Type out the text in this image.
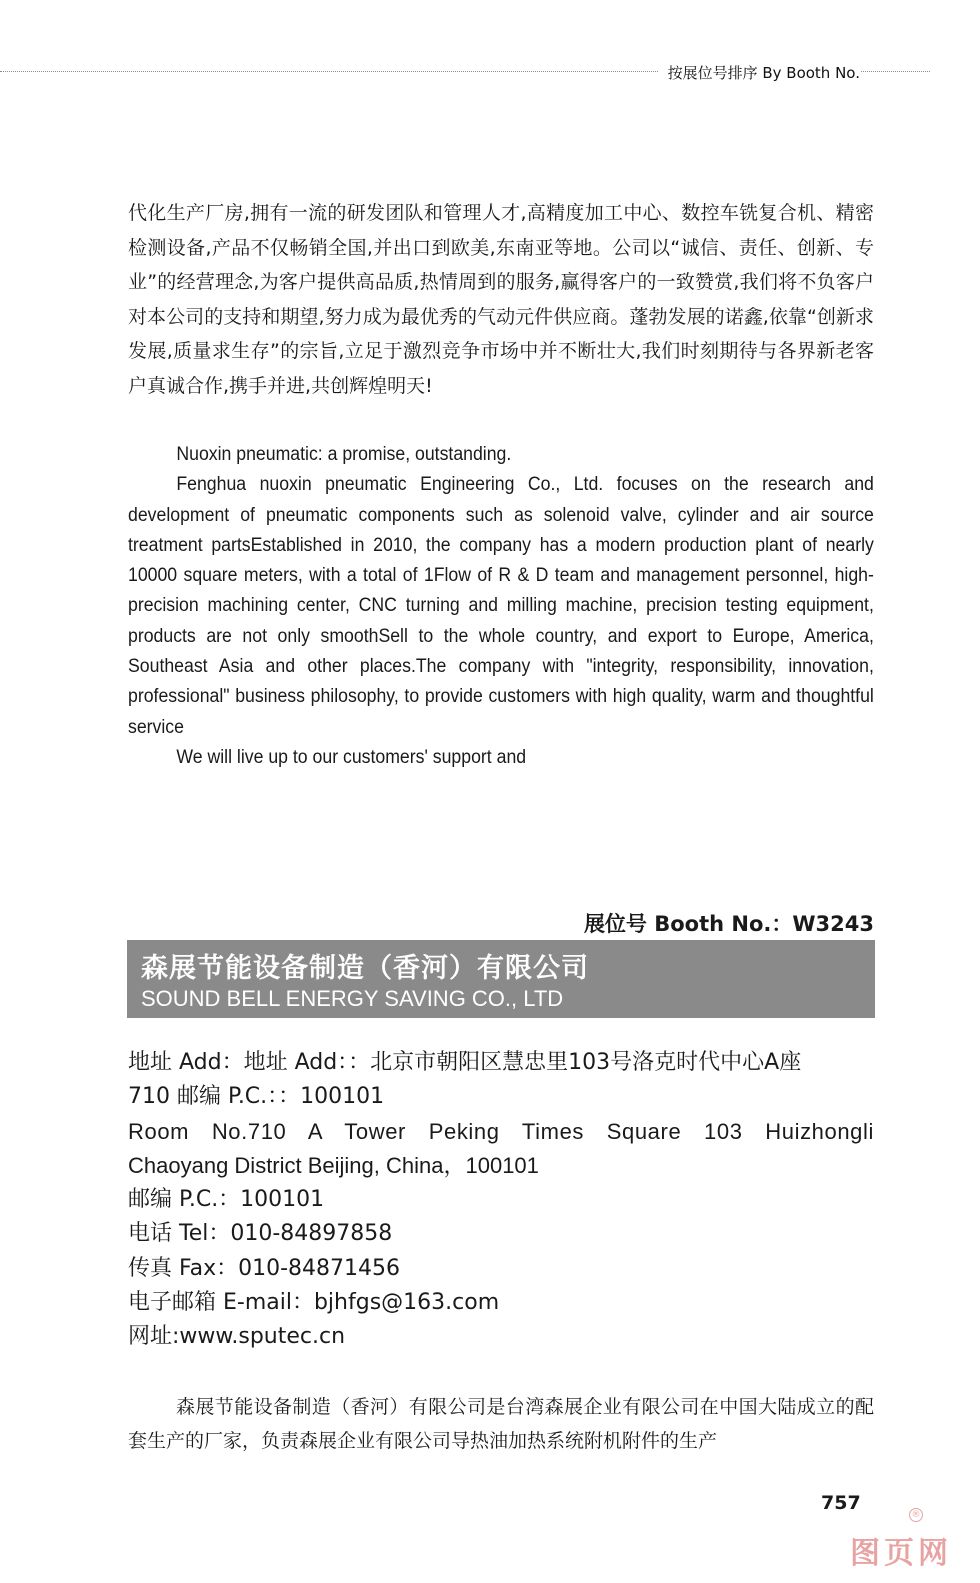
按展位号排序 By Booth No.

代化生产厂房,拥有一流的研发团队和管理人才,高精度加工中心、数控车铣复合机、精密检测设备,产品不仅畅销全国,并出口到欧美,东南亚等地。公司以“诚信、责任、创新、专业”的经营理念,为客户提供高品质,热情周到的服务,赢得客户的一致赞赏,我们将不负客户对本公司的支持和期望,努力成为最优秀的气动元件供应商。蓬勃发展的诺鑫,依靠“创新求发展,质量求生存”的宗旨,立足于激烈竞争市场中并不断壮大,我们时刻期待与各界新老客户真诚合作,携手并进,共创辉煌明天!

Nuoxin pneumatic: a promise, outstanding.

Fenghua nuoxin pneumatic Engineering Co., Ltd. focuses on the research and development of pneumatic components such as solenoid valve, cylinder and air source treatment partsEstablished in 2010, the company has a modern production plant of nearly 10000 square meters, with a total of 1Flow of R & D team and management personnel, high-precision machining center, CNC turning and milling machine, precision testing equipment, products are not only smoothSell to the whole country, and export to Europe, America, Southeast Asia and other places.The company with "integrity, responsibility, innovation, professional" business philosophy, to provide customers with high quality, warm and thoughtful service

We will live up to our customers' support and

展位号 Booth No.：W3243
森展节能设备制造（香河）有限公司
SOUND BELL ENERGY SAVING CO., LTD
地址 Add：地址 Add：：北京市朝阳区慧忠里103号洛克时代中心A座
710 邮编 P.C.：：100101
Room No.710 A Tower Peking Times Square 103 Huizhongli
Chaoyang District Beijing, China，100101
邮编 P.C.：100101
电话 Tel：010-84897858
传真 Fax：010-84871456
电子邮箱 E-mail：bjhfgs@163.com
网址:www.sputec.cn

森展节能设备制造（香河）有限公司是台湾森展企业有限公司在中国大陆成立的配套生产的厂家，负责森展企业有限公司导热油加热系统附机附件的生产

757
®
图页网
